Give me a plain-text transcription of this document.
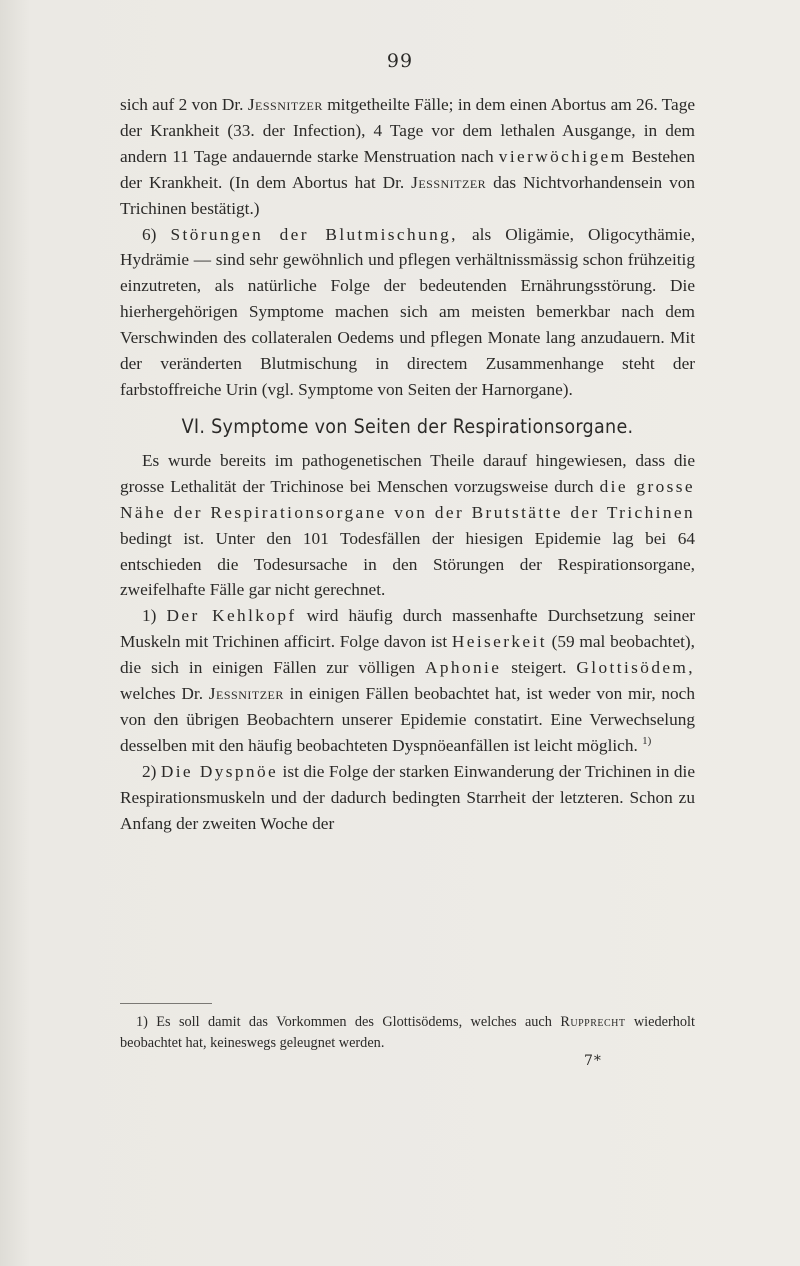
99

sich auf 2 von Dr. Jessnitzer mitgetheilte Fälle; in dem einen Abortus am 26. Tage der Krankheit (33. der Infection), 4 Tage vor dem lethalen Ausgange, in dem andern 11 Tage andauernde starke Menstruation nach vierwöchigem Bestehen der Krankheit. (In dem Abortus hat Dr. Jessnitzer das Nichtvorhandensein von Trichinen bestätigt.)

6) Störungen der Blutmischung, als Oligämie, Oligocythämie, Hydrämie — sind sehr gewöhnlich und pflegen verhältnissmässig schon frühzeitig einzutreten, als natürliche Folge der bedeutenden Ernährungsstörung. Die hierhergehörigen Symptome machen sich am meisten bemerkbar nach dem Verschwinden des collateralen Oedems und pflegen Monate lang anzudauern. Mit der veränderten Blutmischung in directem Zusammenhange steht der farbstoffreiche Urin (vgl. Symptome von Seiten der Harnorgane).

VI. Symptome von Seiten der Respirationsorgane.

Es wurde bereits im pathogenetischen Theile darauf hingewiesen, dass die grosse Lethalität der Trichinose bei Menschen vorzugsweise durch die grosse Nähe der Respirationsorgane von der Brutstätte der Trichinen bedingt ist. Unter den 101 Todesfällen der hiesigen Epidemie lag bei 64 entschieden die Todesursache in den Störungen der Respirationsorgane, zweifelhafte Fälle gar nicht gerechnet.

1) Der Kehlkopf wird häufig durch massenhafte Durchsetzung seiner Muskeln mit Trichinen afficirt. Folge davon ist Heiserkeit (59 mal beobachtet), die sich in einigen Fällen zur völligen Aphonie steigert. Glottisödem, welches Dr. Jessnitzer in einigen Fällen beobachtet hat, ist weder von mir, noch von den übrigen Beobachtern unserer Epidemie constatirt. Eine Verwechselung desselben mit den häufig beobachteten Dyspnöeanfällen ist leicht möglich. $^{1)}$

2) Die Dyspnöe ist die Folge der starken Einwanderung der Trichinen in die Respirationsmuskeln und der dadurch bedingten Starrheit der letzteren. Schon zu Anfang der zweiten Woche der

1) Es soll damit das Vorkommen des Glottisödems, welches auch Rupprecht wiederholt beobachtet hat, keineswegs geleugnet werden.

7*
